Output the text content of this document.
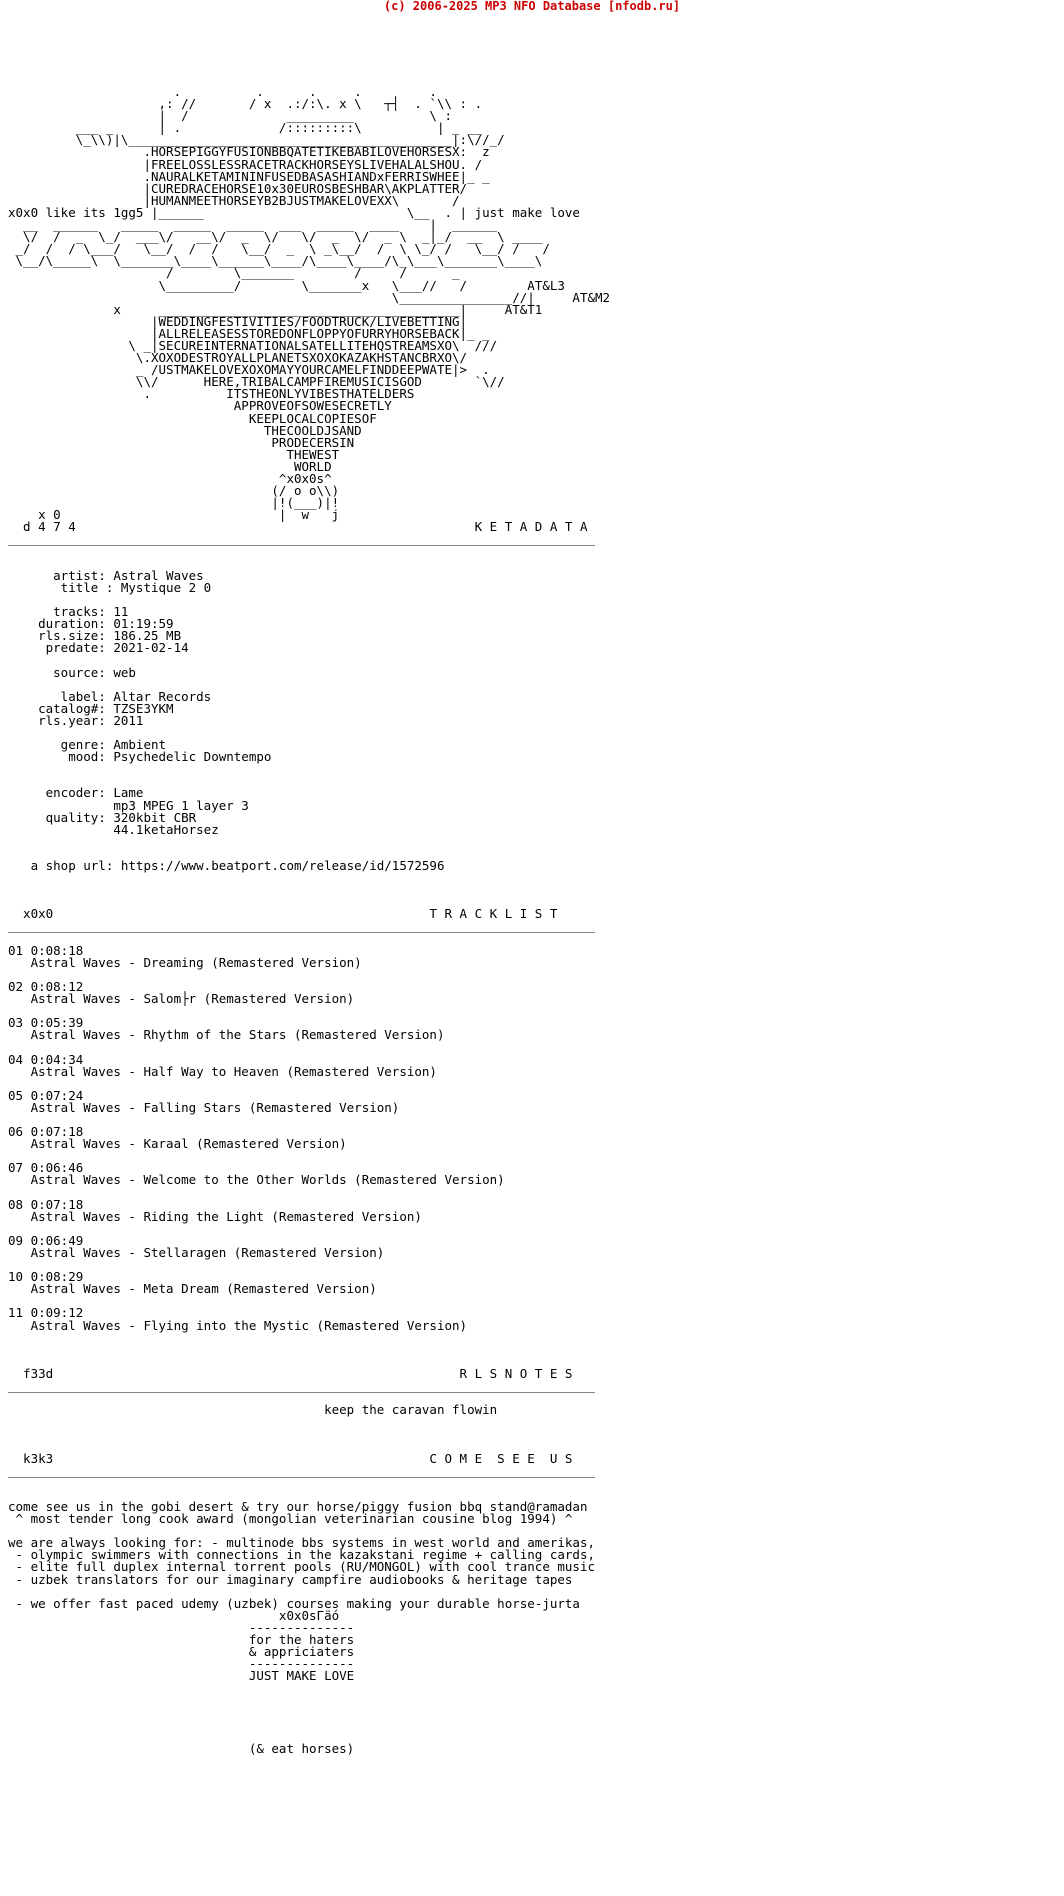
(c) 2006-2025 MP3 NFO Database [nfodb.ru]
.          .      .     .         .
,: //       / x  .:/:\. x \   ┬┤  . `\\ : .
|  /             _________          \ :
___ _      | .             /:::::::::\          | _ __
\_\\)|\___________________________________________|:\//_/
.HORSEPIGGYFUSIONBBQATETIKEBABILOVEHORSESX:  z
|FREELOSSLESSRACETRACKHORSEYSLIVEHALALSHOU. /
.NAURALKETAMININFUSEDBASASHIANDxFERRISWHEE|_ _
|CUREDRACEHORSE10x30EUROSBESHBAR\AKPLATTER/
|HUMANMEETHORSEYB2BJUSTMAKELOVEXX\       /
x0x0 like its 1gg5 |______                           \__  . | just make love
__  ______   _____  _____  _____  ___  _____  ____    |  ______
\/  /  _  \_/  ___\/   __\/  _  \/   \/  _  \/  _ \  _|_/  __  \ ____
_/  /  / \___/   \__/  /  /   \__/  _  \ _\__/  /  \ \_/ /   \__/ /   /
\__/\_____\  \_______\____\______\____/\____\____/\_\___\_______\____\
/        \_______        /     /      _
\_________/        \_______x   \___//   /        AT&L3
\_______________//|     AT&M2
x     ________________________________________|     AT&T1
|WEDDINGFESTIVITIES/FOODTRUCK/LIVEBETTING|
|ALLRELEASESSTOREDONFLOPPYOFURRYHORSEBACK|_ _
\ _|SECUREINTERNATIONALSATELLITEHQSTREAMSXO\  ///
\.XOXODESTROYALLPLANETSXOXOKAZAKHSTANCBRXO\/
_ /USTMAKELOVEXOXOMAYYOURCAMELFINDDEEPWATE|>  .
\\/      HERE,TRIBALCAMPFIREMUSICISGOD       `\//
.          ITSTHEONLYVIBESTHATELDERS
APPROVEOFSOWESECRETLY
KEEPLOCALCOPIESOF
THECOOLDJSAND
PRODECERSIN
THEWEST
WORLD
^x0x0s^
(/ o o\\)
|!(___)|!
x 0                             |  w   j
d 4 7 4                                                     K E T A D A T A
______________________________________________________________________________

artist: Astral Waves
title : Mystique 2 0

tracks: 11
duration: 01:19:59
rls.size: 186.25 MB
predate: 2021-02-14

source: web

label: Altar Records
catalog#: TZSE3YKM
rls.year: 2011

genre: Ambient
mood: Psychedelic Downtempo

encoder: Lame
mp3 MPEG 1 layer 3
quality: 320kbit CBR
44.1ketaHorsez

a shop url: https://www.beatport.com/release/id/1572596

x0x0                                                  T R A C K L I S T
______________________________________________________________________________

01 0:08:18
Astral Waves - Dreaming (Remastered Version)

02 0:08:12
Astral Waves - Salom├r (Remastered Version)

03 0:05:39
Astral Waves - Rhythm of the Stars (Remastered Version)

04 0:04:34
Astral Waves - Half Way to Heaven (Remastered Version)

05 0:07:24
Astral Waves - Falling Stars (Remastered Version)

06 0:07:18
Astral Waves - Karaal (Remastered Version)

07 0:06:46
Astral Waves - Welcome to the Other Worlds (Remastered Version)

08 0:07:18
Astral Waves - Riding the Light (Remastered Version)

09 0:06:49
Astral Waves - Stellaragen (Remastered Version)

10 0:08:29
Astral Waves - Meta Dream (Remastered Version)

11 0:09:12
Astral Waves - Flying into the Mystic (Remastered Version)

f33d                                                      R L S N O T E S
______________________________________________________________________________

keep the caravan flowin

k3k3                                                  C O M E  S E E  U S
______________________________________________________________________________

come see us in the gobi desert & try our horse/piggy fusion bbq stand@ramadan
^ most tender long cook award (mongolian veterinarian cousine blog 1994) ^

we are always looking for: - multinode bbs systems in west world and amerikas,
- olympic swimmers with connections in the kazakstani regime + calling cards,
- elite full duplex internal torrent pools (RU/MONGOL) with cool trance music
- uzbek translators for our imaginary campfire audiobooks & heritage tapes

- we offer fast paced udemy (uzbek) courses making your durable horse-jurta
x0x0sΓäó
--------------
for the haters
& appriciaters
--------------
JUST MAKE LOVE

(& eat horses)
